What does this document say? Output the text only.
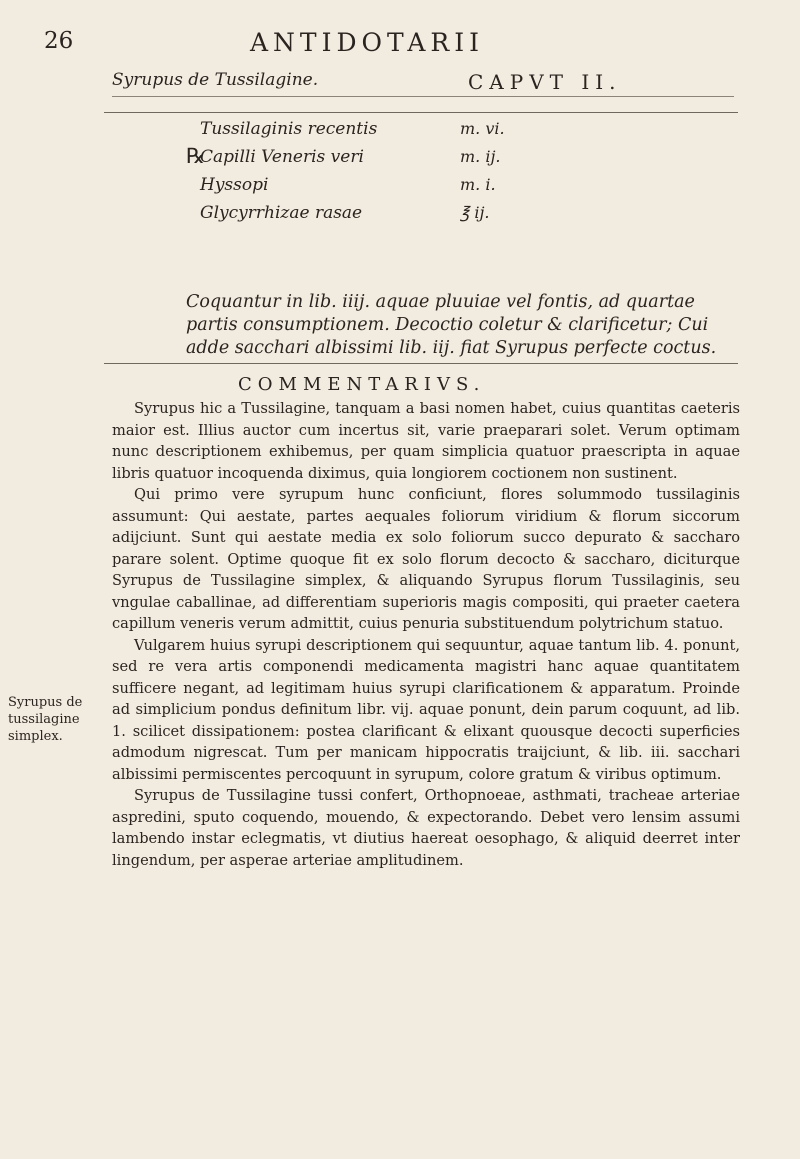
26	ANTIDOTARII
Syrupus de Tussilagine.	CAPVT II.
℞
Tussilaginis recentis	m. vi.
Capilli Veneris veri	m. ij.
Hyssopi	m. i.
Glycyrrhizae rasae	℥ ij.
Coquantur in lib. iiij. aquae pluuiae vel fontis, ad quartae partis consumptionem. Decoctio coletur & clarificetur; Cui adde sacchari albissimi lib. iij. fiat Syrupus perfecte coctus.
COMMENTARIVS.

Syrupus hic a Tussilagine, tanquam a basi nomen habet, cuius quantitas caeteris maior est. Illius auctor cum incertus sit, varie praeparari solet. Verum optimam nunc descriptionem exhibemus, per quam simplicia quatuor praescripta in aquae libris quatuor incoquenda diximus, quia longiorem coctionem non sustinent.

Qui primo vere syrupum hunc conficiunt, flores solummodo tussilaginis assumunt: Qui aestate, partes aequales foliorum viridium & florum siccorum adijciunt. Sunt qui aestate media ex solo foliorum succo depurato & saccharo parare solent. Optime quoque fit ex solo florum decocto & saccharo, diciturque Syrupus de Tussilagine simplex, & aliquando Syrupus florum Tussilaginis, seu vngulae caballinae, ad differentiam superioris magis compositi, qui praeter caetera capillum veneris verum admittit, cuius penuria substituendum polytrichum statuo.

Vulgarem huius syrupi descriptionem qui sequuntur, aquae tantum lib. 4. ponunt, sed re vera artis componendi medicamenta magistri hanc aquae quantitatem sufficere negant, ad legitimam huius syrupi clarificationem & apparatum. Proinde ad simplicium pondus definitum libr. vij. aquae ponunt, dein parum coquunt, ad lib. 1. scilicet dissipationem: postea clarificant & elixant quousque decocti superficies admodum nigrescat. Tum per manicam hippocratis traijciunt, & lib. iii. sacchari albissimi permiscentes percoquunt in syrupum, colore gratum & viribus optimum.

Syrupus de Tussilagine tussi confert, Orthopnoeae, asthmati, tracheae arteriae aspredini, sputo coquendo, mouendo, & expectorando. Debet vero lensim assumi lambendo instar eclegmatis, vt diutius haereat oesophago, & aliquid deerret inter lingendum, per asperae arteriae amplitudinem.

Syrupus de tussilagine simplex.
